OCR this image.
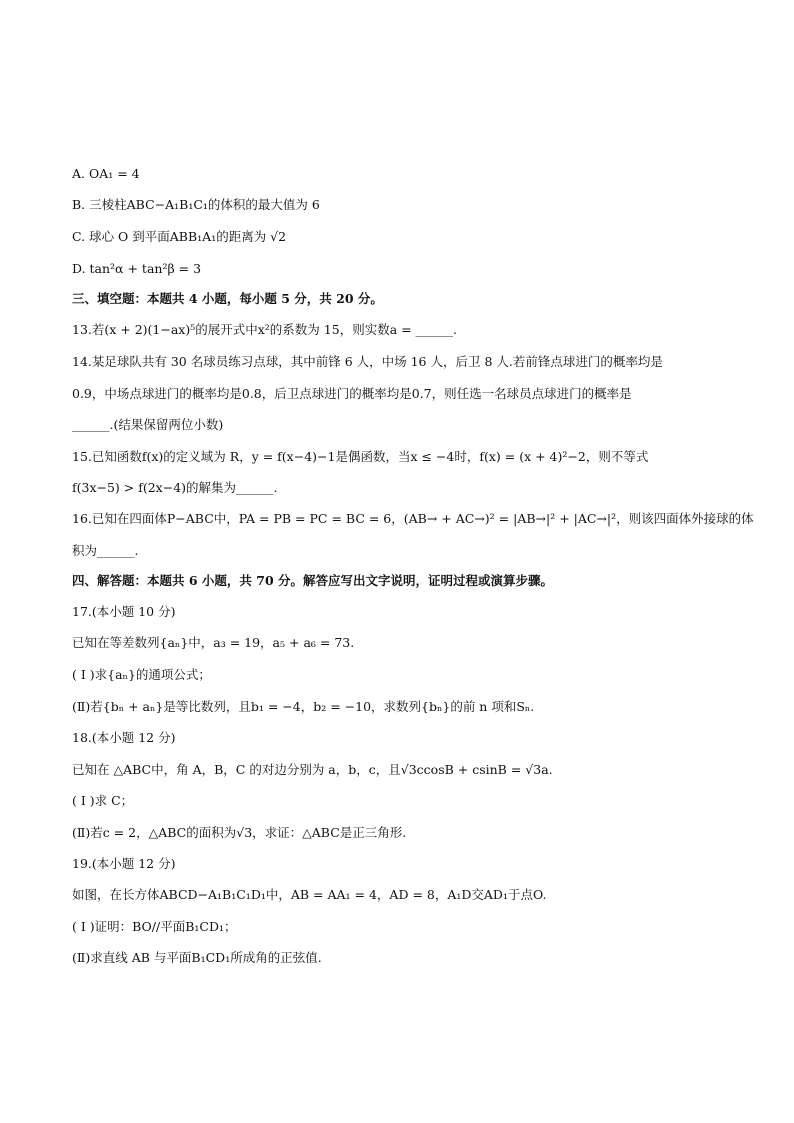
A. OA₁ = 4
B. 三棱柱ABC−A₁B₁C₁的体积的最大值为 6
C. 球心 O 到平面ABB₁A₁的距离为 √2
D. tan²α + tan²β = 3
三、填空题：本题共 4 小题，每小题 5 分，共 20 分。
13.若(x + 2)(1−ax)⁵的展开式中x²的系数为 15，则实数a = ______.
14.某足球队共有 30 名球员练习点球，其中前锋 6 人，中场 16 人，后卫 8 人.若前锋点球进门的概率均是
0.9，中场点球进门的概率均是0.8，后卫点球进门的概率均是0.7，则任选一名球员点球进门的概率是
______.(结果保留两位小数)
15.已知函数f(x)的定义域为 R，y = f(x−4)−1是偶函数，当x ≤ −4时，f(x) = (x + 4)²−2，则不等式
f(3x−5) > f(2x−4)的解集为______.
16.已知在四面体P−ABC中，PA = PB = PC = BC = 6，(AB→ + AC→)² = |AB→|² + |AC→|²，则该四面体外接球的体
积为______.
四、解答题：本题共 6 小题，共 70 分。解答应写出文字说明，证明过程或演算步骤。
17.(本小题 10 分)
已知在等差数列{aₙ}中，a₃ = 19，a₅ + a₆ = 73.
( I )求{aₙ}的通项公式；
(Ⅱ)若{bₙ + aₙ}是等比数列，且b₁ = −4，b₂ = −10，求数列{bₙ}的前 n 项和Sₙ.
18.(本小题 12 分)
已知在 △ABC中，角 A，B，C 的对边分别为 a，b，c，且√3ccosB + csinB = √3a.
( I )求 C；
(Ⅱ)若c = 2，△ABC的面积为√3，求证：△ABC是正三角形.
19.(本小题 12 分)
如图，在长方体ABCD−A₁B₁C₁D₁中，AB = AA₁ = 4，AD = 8，A₁D交AD₁于点O.
( I )证明：BO//平面B₁CD₁；
(Ⅱ)求直线 AB 与平面B₁CD₁所成角的正弦值.
